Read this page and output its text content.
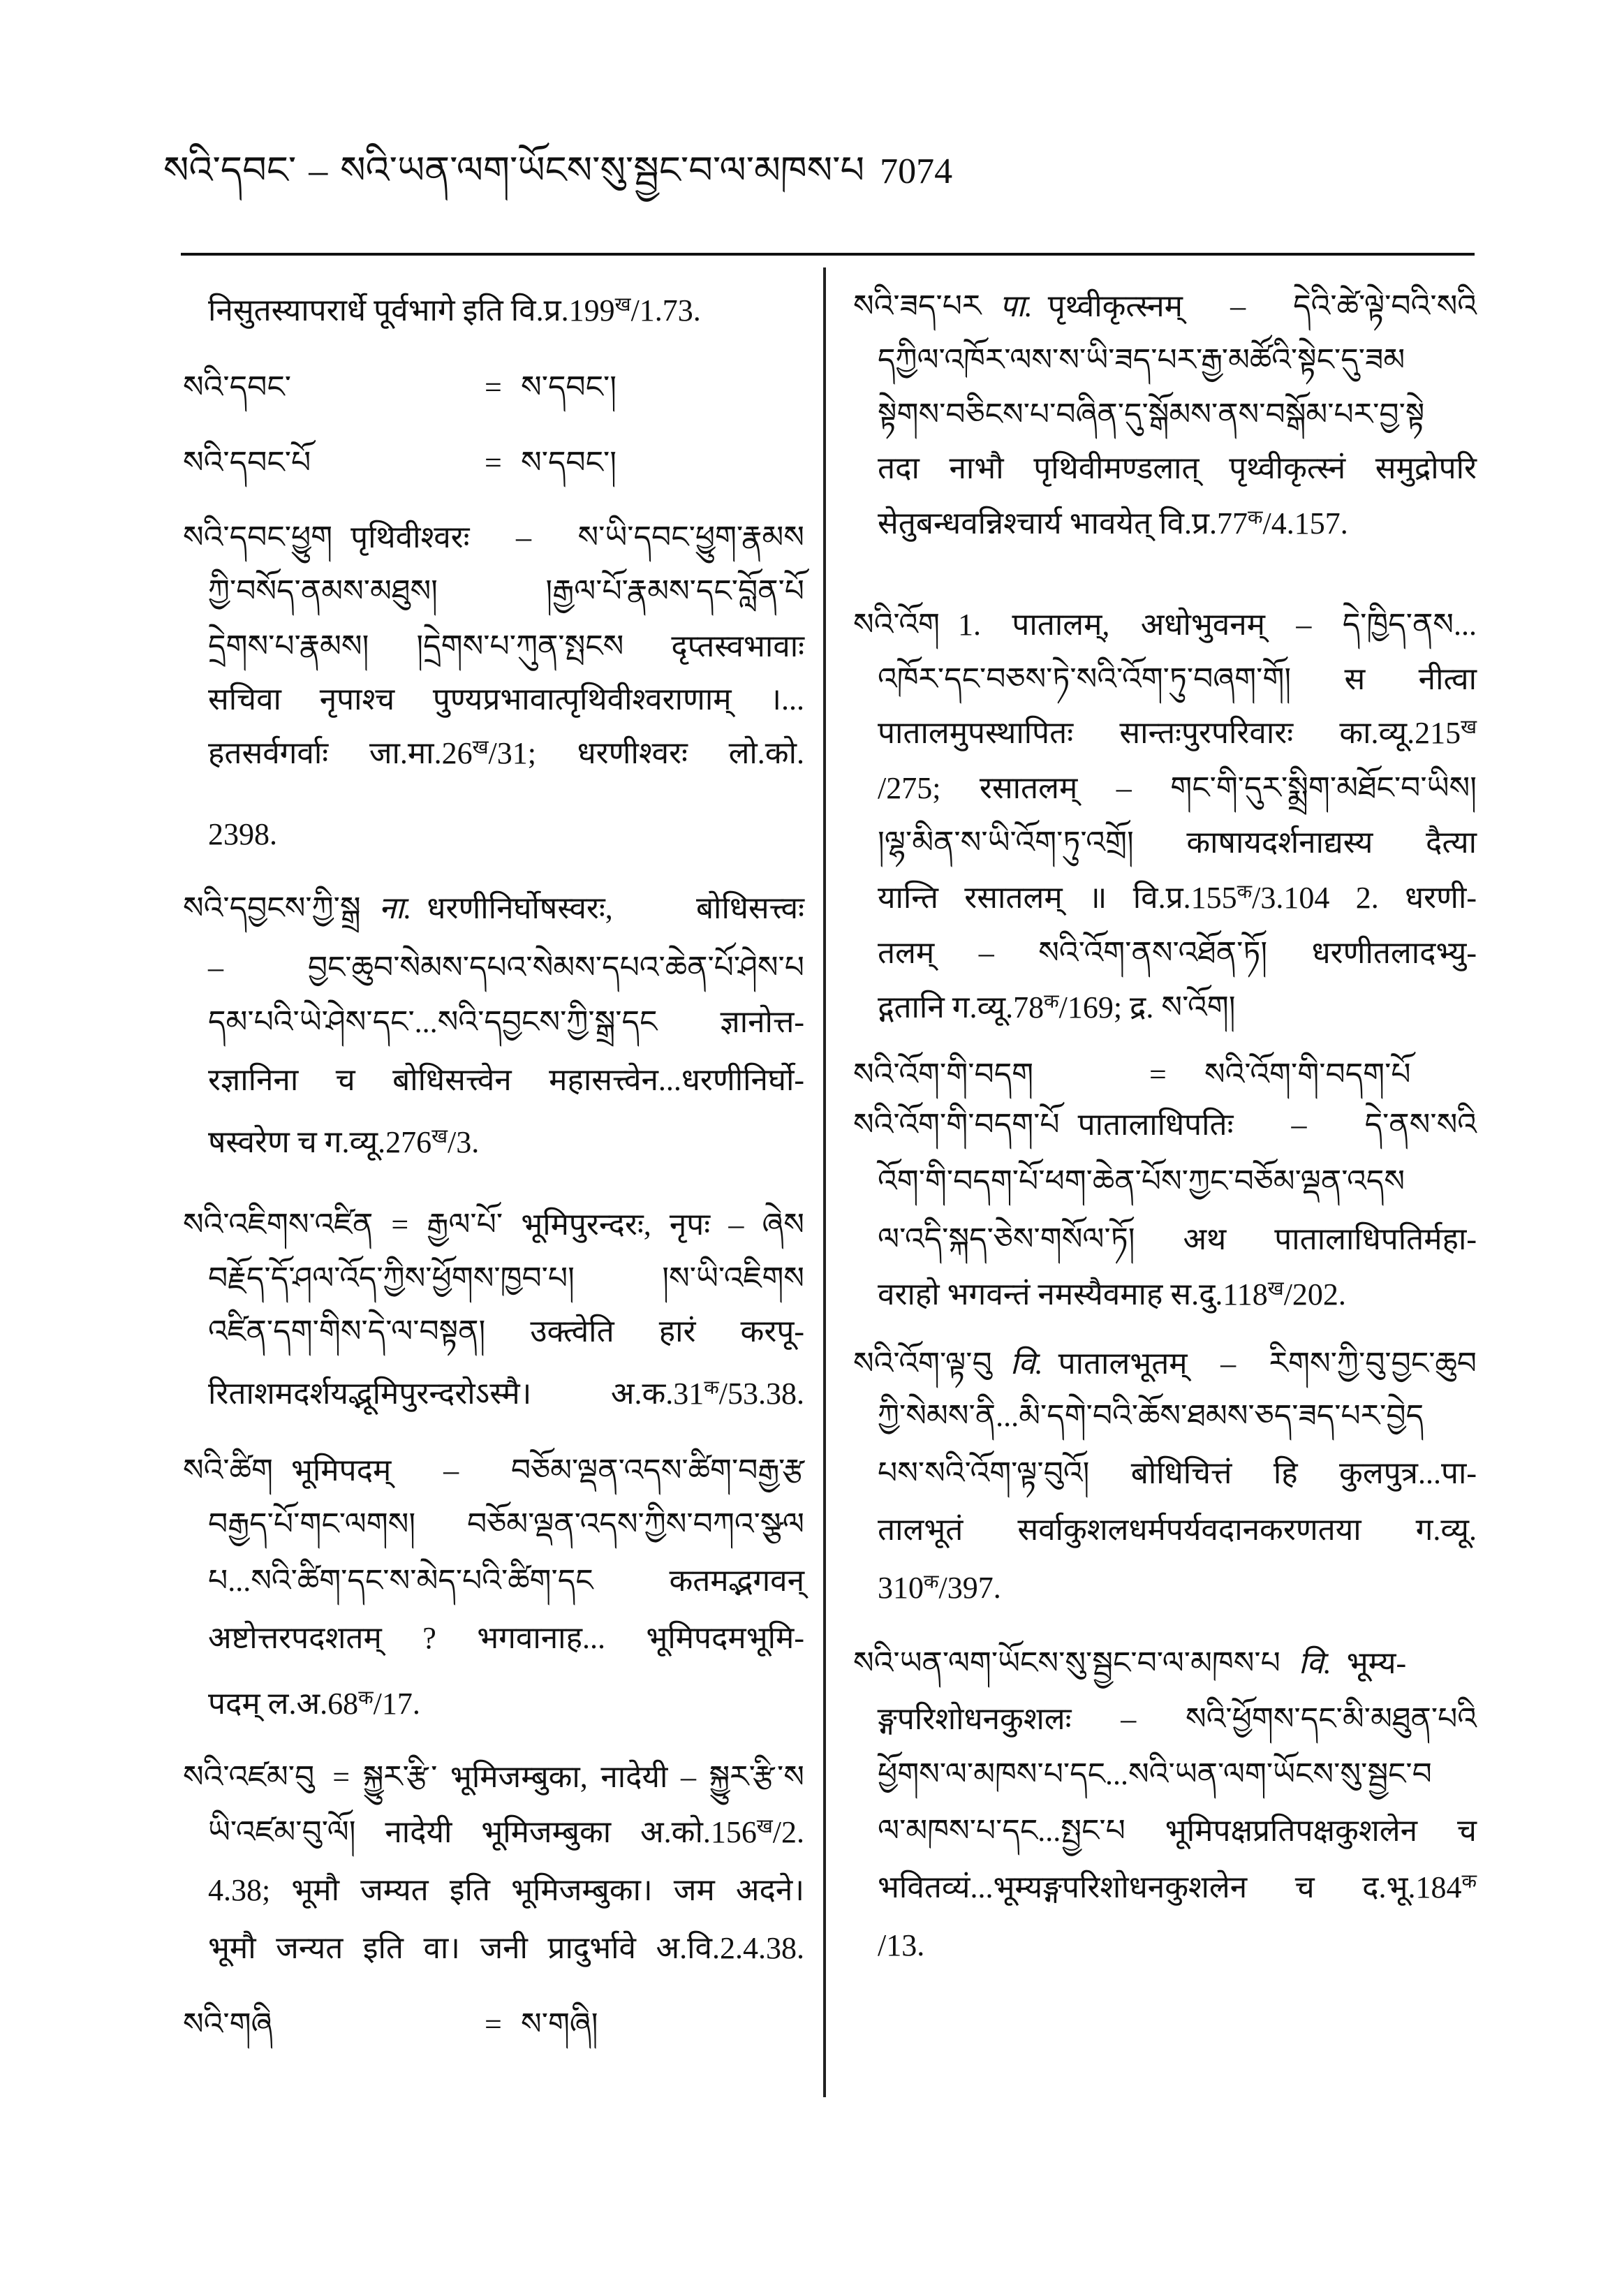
སའི་དབང་ – སའི་ཡན་ལག་ཡོངས་སུ་སྦྱང་བ་ལ་མཁས་པ 7074
निसुतस्यापरार्धे पूर्वभागे इति $वि.प्र.199^ख/1.73$.
སའི་དབང་	= ས་དབང་།
སའི་དབང་པོ	= ས་དབང་།
སའི་དབང་ཕྱུག पृथिवीश्वरः – ས་ཡི་དབང་ཕྱུག་རྣམས
ཀྱི་བསོད་ནམས་མཐུས། །རྒྱལ་པོ་རྣམས་དང་བློན་པོ
དྲེགས་པ་རྣམས། །དྲེགས་པ་ཀུན་སྤངས दृप्तस्वभावाः
सचिवा नृपाश्च पुण्यप्रभावात्पृथिवीश्वराणाम् ।...
हतसर्वगर्वाः $जा.मा.26^ख/31$; धरणीश्वरः लो.को.
2398.
སའི་དབྱངས་ཀྱི་སྒྲ ना. धरणीनिर्घोषस्वरः, बोधिसत्त्वः
– བྱང་ཆུབ་སེམས་དཔའ་སེམས་དཔའ་ཆེན་པོ་ཤེས་པ
དམ་པའི་ཡེ་ཤེས་དང་...སའི་དབྱངས་ཀྱི་སྒྲ་དང ज्ञानोत्त-
रज्ञानिना च बोधिसत्त्वेन महासत्त्वेन...धरणीनिर्घो-
षस्वरेण च $ग.व्यू.276^ख/3$.
སའི་འཇིགས་འཛིན = རྒྱལ་པོ་ भूमिपुरन्दरः, नृपः – ཞེས
བརྗོད་དོ་ཤལ་འོད་ཀྱིས་ཕྱོགས་ཁྱབ་པ། །ས་ཡི་འཇིགས
འཛིན་དག་གིས་དེ་ལ་བསྟན། उक्त्वेति हारं करपू-
रिताशमदर्शयद्भूमिपुरन्दरोऽस्मै। $अ.क.31^क/53.38$.
སའི་ཚིག भूमिपदम् – བཅོམ་ལྡན་འདས་ཚིག་བརྒྱ་རྩ
བརྒྱད་པོ་གང་ལགས། བཅོམ་ལྡན་འདས་ཀྱིས་བཀའ་སྩལ
པ...སའི་ཚིག་དང་ས་མེད་པའི་ཚིག་དང कतमद्भगवन्
अष्टोत्तरपदशतम् ? भगवानाह... भूमिपदमभूमि-
पदम् $ल.अ.68^क/17$.
སའི་འཛམ་བུ = སྐྱུར་རྩི་ भूमिजम्बुका, नादेयी – སྐྱུར་རྩི་ས
ཡི་འཛམ་བུ་ལོ། नादेयी भूमिजम्बुका $अ.को.156^ख/2$.
4.38; भूमौ जम्यत इति भूमिजम्बुका। जम अदने।
भूमौ जन्यत इति वा। जनी प्रादुर्भावे अ.वि.2.4.38.
སའི་གཞི	= ས་གཞི།
སའི་ཟད་པར पा. पृथ्वीकृत्स्नम् – དེའི་ཚེ་ལྟེ་བའི་སའི
དཀྱིལ་འཁོར་ལས་ས་ཡི་ཟད་པར་རྒྱ་མཚོའི་སྟེང་དུ་ཟམ
སྟེགས་བཅིངས་པ་བཞིན་དུ་སྒོམས་ནས་བསྒོམ་པར་བྱ་སྟེ
तदा नाभौ पृथिवीमण्डलात् पृथ्वीकृत्स्नं समुद्रोपरि
सेतुबन्धवन्निश्चार्य भावयेत् $वि.प्र.77^क/4.157$.
སའི་འོག 1. पातालम्, अधोभुवनम् – དེ་ཁྱིད་ནས...
འཁོར་དང་བཅས་ཏེ་སའི་འོག་ཏུ་བཞག་གོ། स नीत्वा
पातालमुपस्थापितः सान्तःपुरपरिवारः $का.व्यू.215^ख$
/275; रसातलम् – གང་གི་དུར་སྨྲིག་མཐོང་བ་ཡིས།
།ལྷ་མིན་ས་ཡི་འོག་ཏུ་འགྲོ། काषायदर्शनाद्यस्य दैत्या
यान्ति रसातलम् ॥ $वि.प्र.155^क/3.104$ 2. धरणी-
तलम् – སའི་འོག་ནས་འཐོན་ཏོ། धरणीतलादभ्यु-
द्गतानि $ग.व्यू.78^क/169$; द्र. ས་འོག།
སའི་འོག་གི་བདག	= སའི་འོག་གི་བདག་པོ
སའི་འོག་གི་བདག་པོ पातालाधिपतिः – དེ་ནས་སའི
འོག་གི་བདག་པོ་ཕག་ཆེན་པོས་ཀྱང་བཅོམ་ལྡན་འདས
ལ་འདི་སྐད་ཅེས་གསོལ་ཏོ། अथ पातालाधिपतिर्महा-
वराहो भगवन्तं नमस्यैवमाह $स.दु.118^ख/202$.
སའི་འོག་ལྟ་བུ वि. पातालभूतम् – རིགས་ཀྱི་བུ་བྱང་ཆུབ
ཀྱི་སེམས་ནི...མི་དགེ་བའི་ཆོས་ཐམས་ཅད་ཟད་པར་བྱེད
པས་སའི་འོག་ལྟ་བུའོ། बोधिचित्तं हि कुलपुत्र...पा-
तालभूतं सर्वाकुशलधर्मपर्यवदानकरणतया ग.व्यू.
$310^क/397$.
སའི་ཡན་ལག་ཡོངས་སུ་སྦྱང་བ་ལ་མཁས་པ वि. भूम्य-
ङ्गपरिशोधनकुशलः – སའི་ཕྱོགས་དང་མི་མཐུན་པའི
ཕྱོགས་ལ་མཁས་པ་དང...སའི་ཡན་ལག་ཡོངས་སུ་སྦྱང་བ
ལ་མཁས་པ་དང...སྤྱང་པ भूमिपक्षप्रतिपक्षकुशलेन च
भवितव्यं...भूम्यङ्गपरिशोधनकुशलेन च $द.भू.184^क$
/13.
